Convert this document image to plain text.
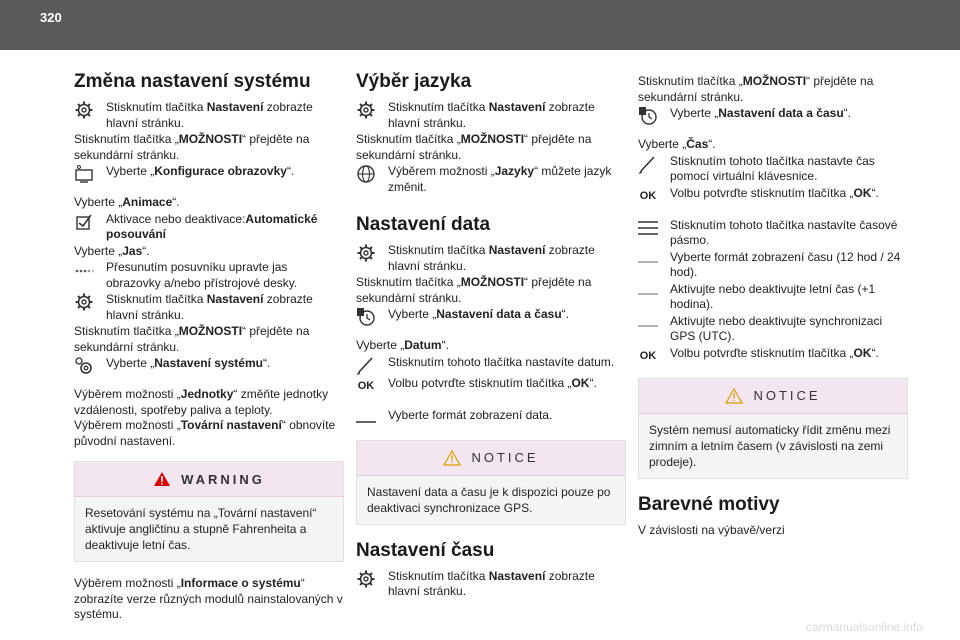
320
Změna nastavení systému
Stisknutím tlačítka Nastavení zobrazte hlavní stránku.

Stisknutím tlačítka „MOŽNOSTI“ přejděte na sekundární stránku.

Vyberte „Konfigurace obrazovky“.

Vyberte „Animace“.

Aktivace nebo deaktivace:Automatické posouvání

Vyberte „Jas“.

Přesunutím posuvníku upravte jas obrazovky a/nebo přístrojové desky.
Stisknutím tlačítka Nastavení zobrazte hlavní stránku.

Stisknutím tlačítka „MOŽNOSTI“ přejděte na sekundární stránku.

Vyberte „Nastavení systému“.

Výběrem možnosti „Jednotky“ změňte jednotky vzdálenosti, spotřeby paliva a teploty.

Výběrem možnosti „Tovární nastavení“ obnovíte původní nastavení.

WARNING
Resetování systému na „Tovární nastavení“ aktivuje angličtinu a stupně Fahrenheita a deaktivuje letní čas.

Výběrem možnosti „Informace o systému“ zobrazíte verze různých modulů nainstalovaných v systému.

Výběr jazyka
Stisknutím tlačítka Nastavení zobrazte hlavní stránku.

Stisknutím tlačítka „MOŽNOSTI“ přejděte na sekundární stránku.

Výběrem možnosti „Jazyky“ můžete jazyk změnit.
Nastavení data
Stisknutím tlačítka Nastavení zobrazte hlavní stránku.

Stisknutím tlačítka „MOŽNOSTI“ přejděte na sekundární stránku.

Vyberte „Nastavení data a času“.

Vyberte „Datum“.

Stisknutím tohoto tlačítka nastavíte datum.
OK Volbu potvrďte stisknutím tlačítka „OK“.
Vyberte formát zobrazení data.
NOTICE
Nastavení data a času je k dispozici pouze po deaktivaci synchronizace GPS.
Nastavení času
Stisknutím tlačítka Nastavení zobrazte hlavní stránku.

Stisknutím tlačítka „MOŽNOSTI“ přejděte na sekundární stránku.

Vyberte „Nastavení data a času“.

Vyberte „Čas“.

Stisknutím tohoto tlačítka nastavte čas pomocí virtuální klávesnice.
OK Volbu potvrďte stisknutím tlačítka „OK“.
Stisknutím tohoto tlačítka nastavíte časové pásmo.
Vyberte formát zobrazení času (12 hod / 24 hod).
Aktivujte nebo deaktivujte letní čas (+1 hodina).
Aktivujte nebo deaktivujte synchronizaci GPS (UTC).
OK Volbu potvrďte stisknutím tlačítka „OK“.
NOTICE
Systém nemusí automaticky řídit změnu mezi zimním a letním časem (v závislosti na zemi prodeje).
Barevné motivy

V závislosti na výbavě/verzi

carmanualsonline.info
